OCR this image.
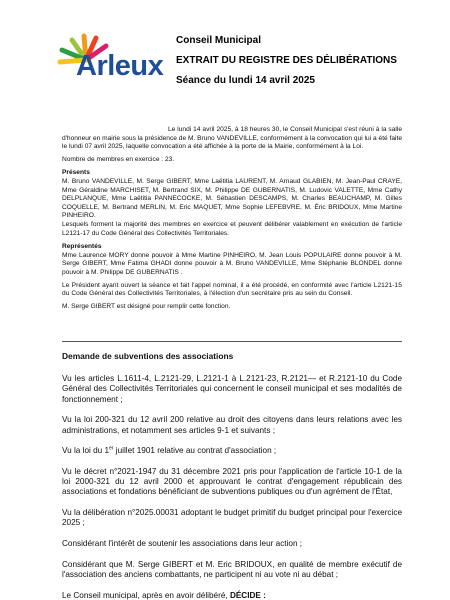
Arleux
Conseil Municipal
EXTRAIT DU REGISTRE DES DÉLIBÉRATIONS
Séance du lundi 14 avril 2025

Le lundi 14 avril 2025, à 18 heures 30, le Conseil Municipal s'est réuni à la salle d'honneur en mairie sous la présidence de M. Bruno VANDEVILLE, conformément à la convocation qui lui a été faite le lundi 07 avril 2025, laquelle convocation a été affichée à la porte de la Mairie, conformément à la Loi.

Nombre de membres en exercice : 23.

Présents

M. Bruno VANDEVILLE, M. Serge GIBERT, Mme Laëtitia LAURENT, M. Arnaud GLABIEN, M. Jean-Paul CRAYE, Mme Géraldine MARCHISET, M. Bertrand SIX, M. Philippe DE GUBERNATIS, M. Ludovic VALETTE, Mme Cathy DELPLANQUE, Mme Laëtitia PANNECOCKE, M. Sébastien DESCAMPS, M. Charles BEAUCHAMP, M. Gilles COQUELLE, M. Bertrand MERLIN, M. Eric MAQUET, Mme Sophie LEFEBVRE, M. Éric BRIDOUX, Mme Martine PINHEIRO.

Lesquels forment la majorité des membres en exercice et peuvent délibérer valablement en exécution de l'article L2121-17 du Code Général des Collectivités Territoriales.

Représentés

Mme Laurence MORY donne pouvoir à Mme Martine PINHEIRO, M. Jean Louis POPULAIRE donne pouvoir à M. Serge GIBERT, Mme Fatima GHADI donne pouvoir à M. Bruno VANDEVILLE, Mme Stéphanie BLONDEL donne pouvoir à M. Philippe DE GUBERNATIS .

Le Président ayant ouvert la séance et fait l'appel nominal, il a été procédé, en conformité avec l'article L2121-15 du Code Général des Collectivités Territoriales, à l'élection d'un secrétaire pris au sein du Conseil.

M. Serge GIBERT est désigné pour remplir cette fonction.

Demande de subventions des associations

Vu les articles L.1611-4, L.2121-29, L.2121-1 à L.2121-23, R.2121— et R.2121-10 du Code Général des Collectivités Territoriales qui concernent le conseil municipal et ses modalités de fonctionnement ;

Vu la loi 200-321 du 12 avril 200 relative au droit des citoyens dans leurs relations avec les administrations, et notamment ses articles 9-1 et suivants ;

Vu la loi du 1er juillet 1901 relative au contrat d'association ;

Vu le décret n°2021-1947 du 31 décembre 2021 pris pour l'application de l'article 10-1 de la loi 2000-321 du 12 avril 2000 et approuvant le contrat d'engagement républicain des associations et fondations bénéficiant de subventions publiques ou d'un agrément de l'État,

Vu la délibération n°2025.00031 adoptant le budget primitif du budget principal pour l'exercice 2025 ;

Considérant l'intérêt de soutenir les associations dans leur action ;

Considérant que M. Serge GIBERT et M. Eric BRIDOUX, en qualité de membre exécutif de l'association des anciens combattants, ne participent ni au vote ni au débat ;

Le Conseil municipal, après en avoir délibéré, DÉCIDE :
